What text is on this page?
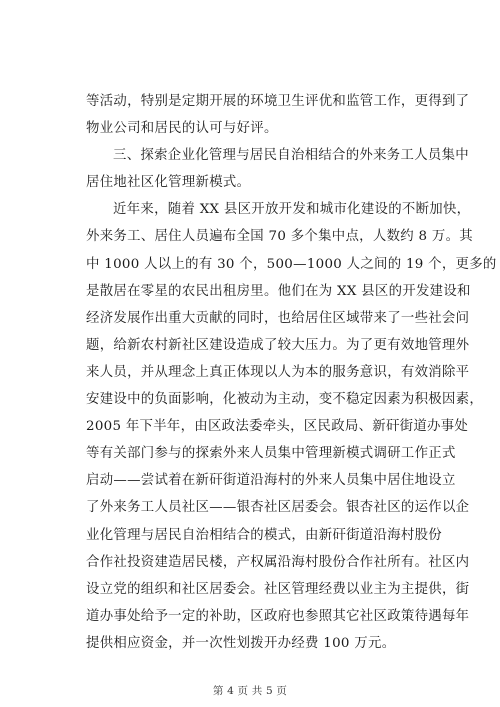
等活动，特别是定期开展的环境卫生评优和监管工作，更得到了
物业公司和居民的认可与好评。
三、探索企业化管理与居民自治相结合的外来务工人员集中
居住地社区化管理新模式。
近年来，随着 XX 县区开放开发和城市化建设的不断加快，
外来务工、居住人员遍布全国 70 多个集中点，人数约 8 万。其
中 1000 人以上的有 30 个，500—1000 人之间的 19 个，更多的
是散居在零星的农民出租房里。他们在为 XX 县区的开发建设和
经济发展作出重大贡献的同时，也给居住区域带来了一些社会问
题，给新农村新社区建设造成了较大压力。为了更有效地管理外
来人员，并从理念上真正体现以人为本的服务意识，有效消除平
安建设中的负面影响，化被动为主动，变不稳定因素为积极因素，
2005 年下半年，由区政法委牵头，区民政局、新矸街道办事处
等有关部门参与的探索外来人员集中管理新模式调研工作正式
启动——尝试着在新矸街道沿海村的外来人员集中居住地设立
了外来务工人员社区——银杏社区居委会。银杏社区的运作以企
业化管理与居民自治相结合的模式，由新矸街道沿海村股份
合作社投资建造居民楼，产权属沿海村股份合作社所有。社区内
设立党的组织和社区居委会。社区管理经费以业主为主提供，街
道办事处给予一定的补助，区政府也参照其它社区政策待遇每年
提供相应资金，并一次性划拨开办经费 100 万元。
第 4 页 共 5 页
